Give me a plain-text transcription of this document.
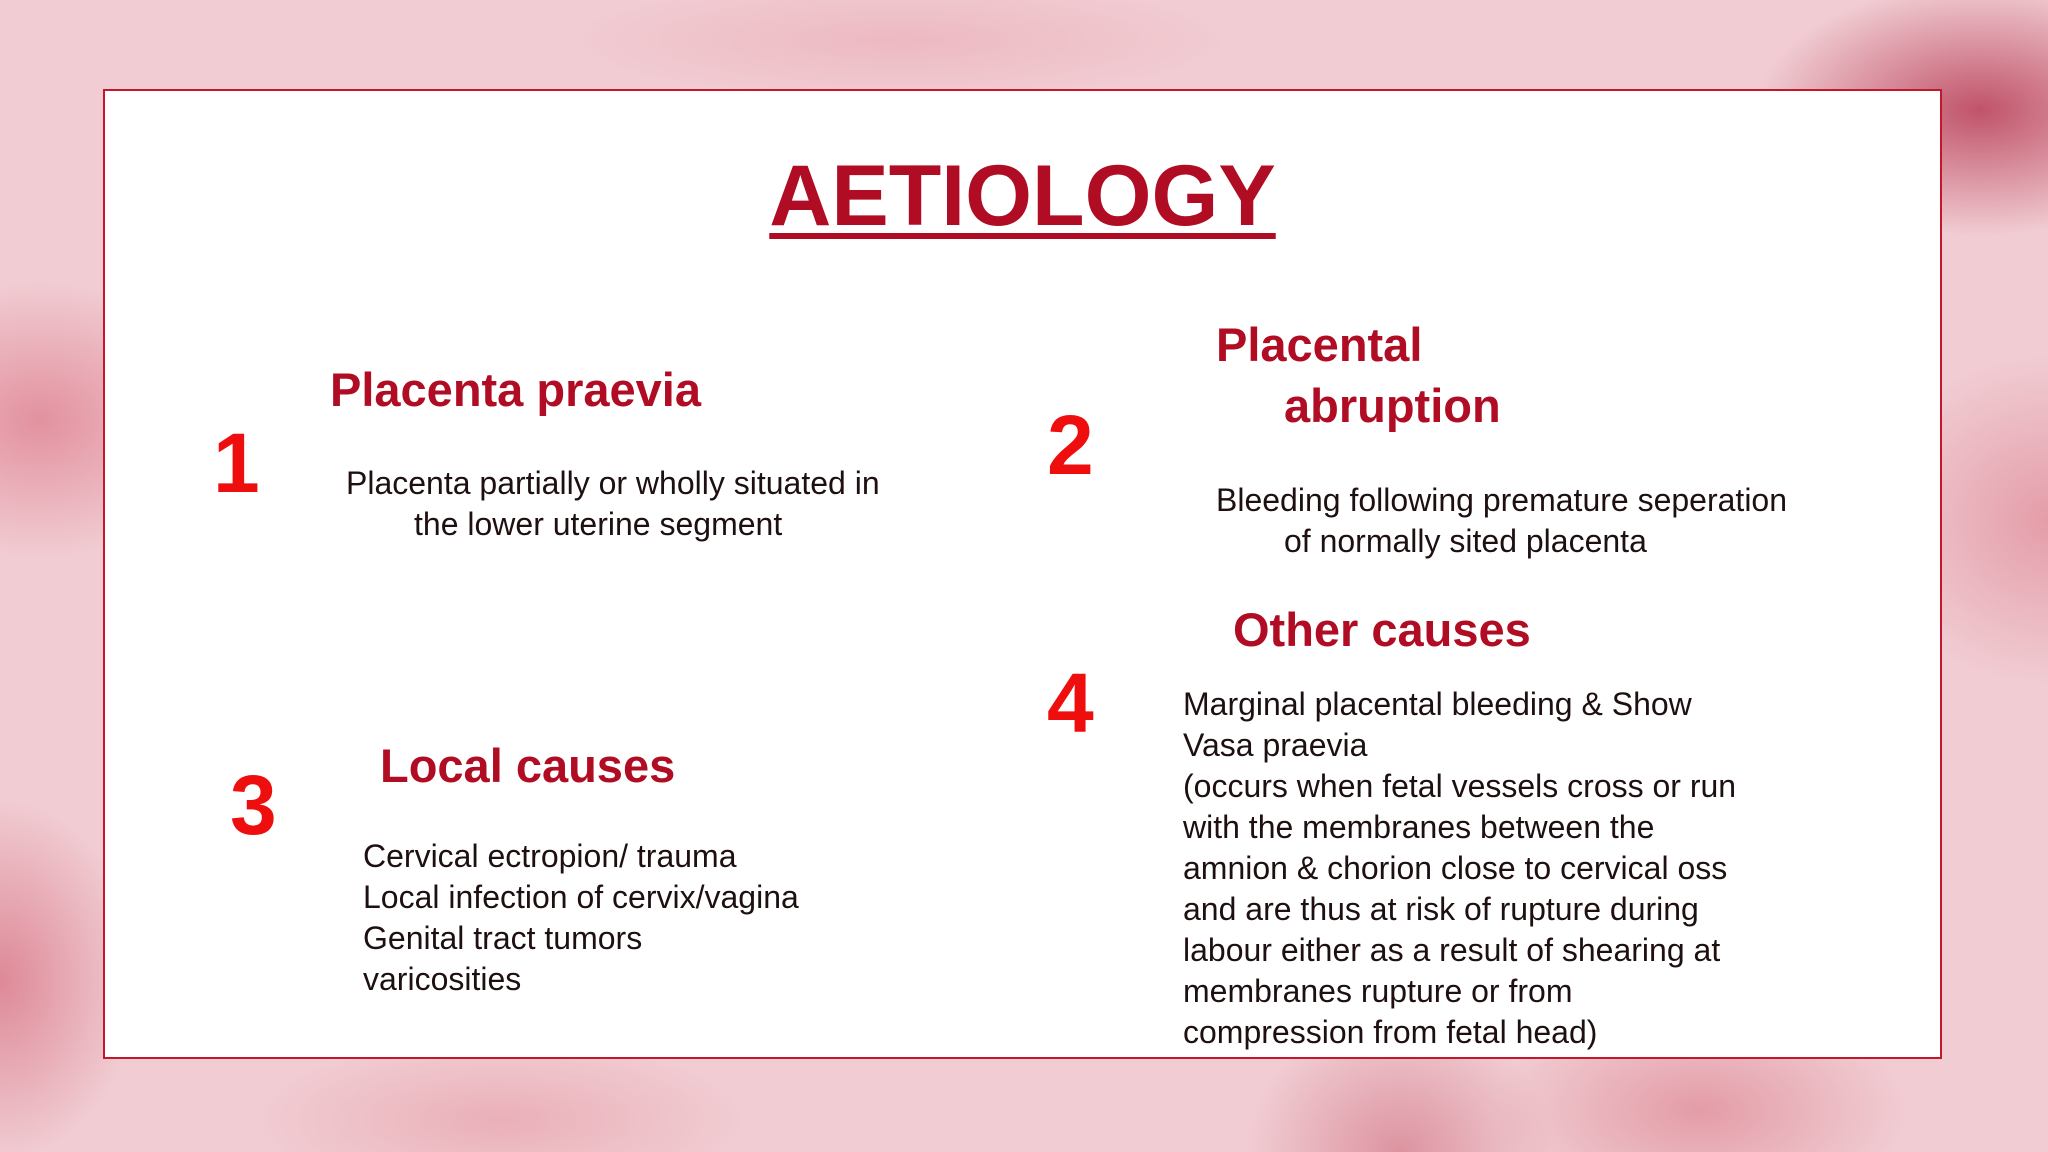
AETIOLOGY
1
Placenta praevia
Placenta partially or wholly situated in
the lower uterine segment
2
Placental
abruption
Bleeding following premature seperation
of normally sited placenta
3 Local causes
Cervical ectropion/ trauma
Local infection of cervix/vagina
Genital tract tumors
varicosities
4
Other causes
Marginal placental bleeding & Show
Vasa praevia
(occurs when fetal vessels cross or run
with the membranes between the
amnion & chorion close to cervical oss
and are thus at risk of rupture during
labour either as a result of shearing at
membranes rupture or from
compression from fetal head)
